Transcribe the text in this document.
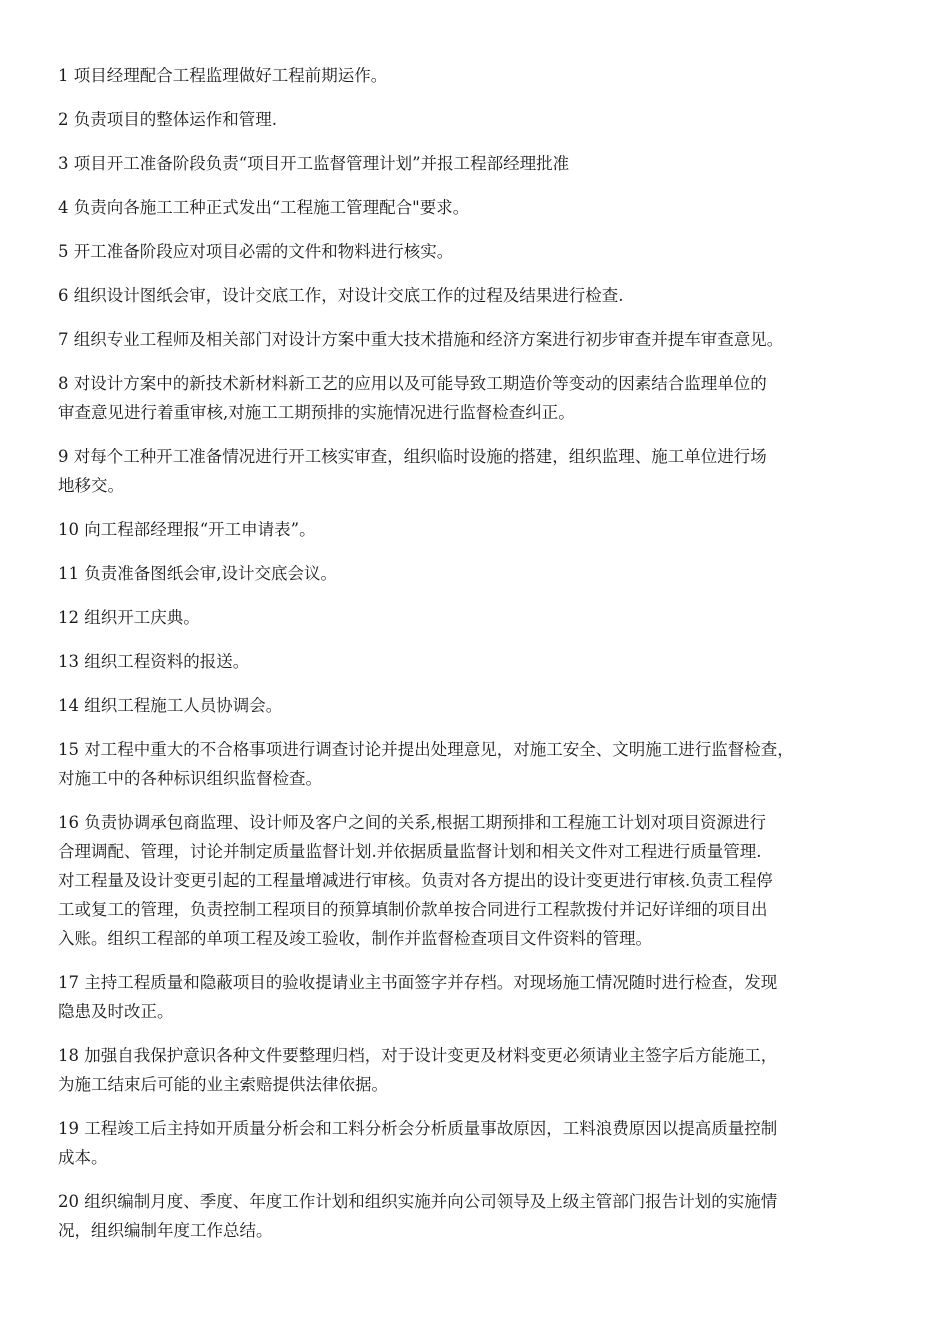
1 项目经理配合工程监理做好工程前期运作。

2 负责项目的整体运作和管理.

3 项目开工准备阶段负责“项目开工监督管理计划”并报工程部经理批准

4 负责向各施工工种正式发出“工程施工管理配合"要求。

5 开工准备阶段应对项目必需的文件和物料进行核实。

6 组织设计图纸会审，设计交底工作，对设计交底工作的过程及结果进行检查.

7 组织专业工程师及相关部门对设计方案中重大技术措施和经济方案进行初步审查并提车审查意见。

8 对设计方案中的新技术新材料新工艺的应用以及可能导致工期造价等变动的因素结合监理单位的
审查意见进行着重审核,对施工工期预排的实施情况进行监督检查纠正。

9 对每个工种开工准备情况进行开工核实审查，组织临时设施的搭建，组织监理、施工单位进行场
地移交。

10 向工程部经理报“开工申请表”。

11 负责准备图纸会审,设计交底会议。

12 组织开工庆典。

13 组织工程资料的报送。

14 组织工程施工人员协调会。

15 对工程中重大的不合格事项进行调查讨论并提出处理意见，对施工安全、文明施工进行监督检查，
对施工中的各种标识组织监督检查。

16 负责协调承包商监理、设计师及客户之间的关系,根据工期预排和工程施工计划对项目资源进行
合理调配、管理，讨论并制定质量监督计划.并依据质量监督计划和相关文件对工程进行质量管理.
对工程量及设计变更引起的工程量增减进行审核。负责对各方提出的设计变更进行审核.负责工程停
工或复工的管理，负责控制工程项目的预算填制价款单按合同进行工程款拨付并记好详细的项目出
入账。组织工程部的单项工程及竣工验收，制作并监督检查项目文件资料的管理。

17 主持工程质量和隐蔽项目的验收提请业主书面签字并存档。对现场施工情况随时进行检查，发现
隐患及时改正。

18 加强自我保护意识各种文件要整理归档，对于设计变更及材料变更必须请业主签字后方能施工，
为施工结束后可能的业主索赔提供法律依据。

19 工程竣工后主持如开质量分析会和工料分析会分析质量事故原因，工料浪费原因以提高质量控制
成本。

20 组织编制月度、季度、年度工作计划和组织实施并向公司领导及上级主管部门报告计划的实施情
况，组织编制年度工作总结。
